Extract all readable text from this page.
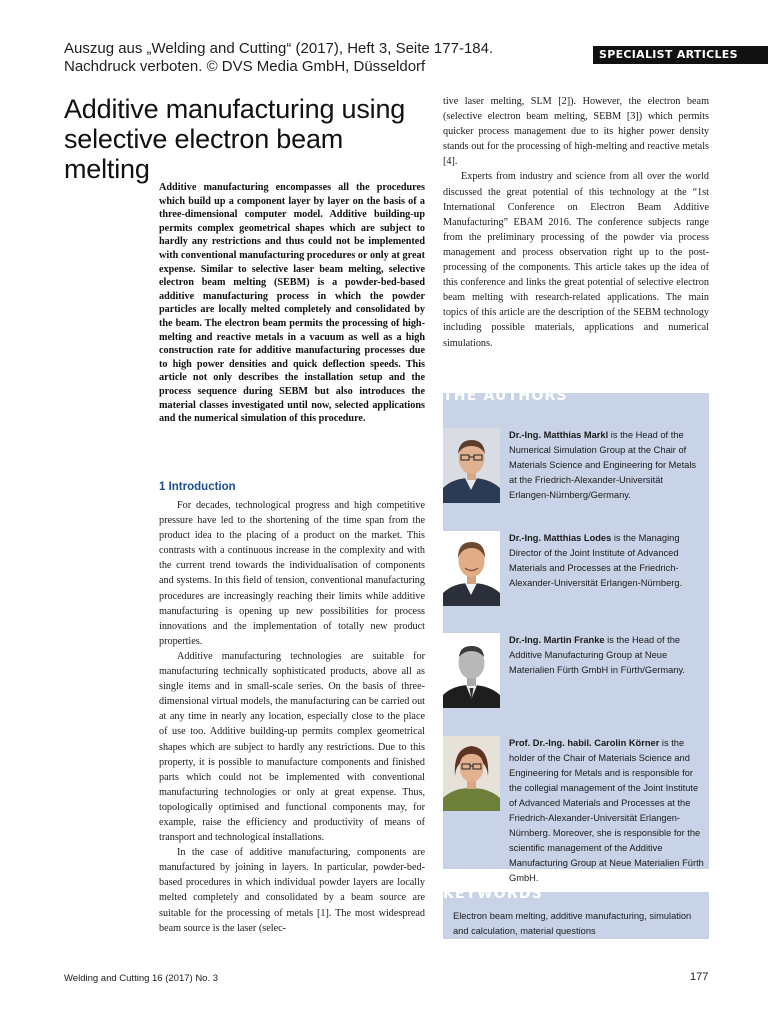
Auszug aus „Welding and Cutting“ (2017), Heft 3, Seite 177-184.
Nachdruck verboten. © DVS Media GmbH, Düsseldorf
SPECIALIST ARTICLES
Additive manufacturing using selective electron beam melting

Additive manufacturing encompasses all the procedures which build up a component layer by layer on the basis of a three-dimensional computer model. Additive building-up permits complex geometrical shapes which are subject to hardly any restrictions and thus could not be implemented with conventional manufacturing procedures or only at great expense. Similar to selective laser beam melting, selective electron beam melting (SEBM) is a powder-bed-based additive manufacturing process in which the powder particles are locally melted completely and consolidated by the beam. The electron beam permits the processing of high-melting and reactive metals in a vacuum as well as a high construction rate for additive manufacturing processes due to high power densities and quick deflection speeds. This article not only describes the installation setup and the process sequence during SEBM but also introduces the material classes investigated until now, selected applications and the numerical simulation of this procedure.

1 Introduction

For decades, technological progress and high competitive pressure have led to the shortening of the time span from the product idea to the placing of a product on the market. This contrasts with a continuous increase in the complexity and with the current trend towards the individualisation of components and systems. In this field of tension, conventional manufacturing procedures are increasingly reaching their limits while additive manufacturing is opening up new possibilities for process innovations and the implementation of totally new product properties.

Additive manufacturing technologies are suitable for manufacturing technically sophisticated products, above all as single items and in small-scale series. On the basis of three-dimensional virtual models, the manufacturing can be carried out at any time in nearly any location, especially close to the place of use too. Additive building-up permits complex geometrical shapes which are subject to hardly any restrictions. Due to this property, it is possible to manufacture components and finished parts which could not be implemented with conventional manufacturing technologies or only at great expense. Thus, topologically optimised and functional components may, for example, raise the efficiency and productivity of means of transport and technological installations.

In the case of additive manufacturing, components are manufactured by joining in layers. In particular, powder-bed-based procedures in which individual powder layers are locally melted completely and consolidated by a beam source are suitable for the processing of metals [1]. The most widespread beam source is the laser (selec-

tive laser melting, SLM [2]). However, the electron beam (selective electron beam melting, SEBM [3]) which permits quicker process management due to its higher power density stands out for the processing of high-melting and reactive metals [4].

Experts from industry and science from all over the world discussed the great potential of this technology at the “1st International Conference on Electron Beam Additive Manufacturing” EBAM 2016. The conference subjects range from the preliminary processing of the powder via process management and process observation right up to the post-processing of the components. This article takes up the idea of this conference and links the great potential of selective electron beam melting with research-related applications. The main topics of this article are the description of the SEBM technology including possible materials, applications and numerical simulations.

THE AUTHORS

Dr.-Ing. Matthias Markl is the Head of the Numerical Simulation Group at the Chair of Materials Science and Engineering for Metals at the Friedrich-Alexander-Universität Erlangen-Nürnberg/Germany.

Dr.-Ing. Matthias Lodes is the Managing Director of the Joint Institute of Advanced Materials and Processes at the Friedrich-Alexander-Universität Erlangen-Nürnberg.

Dr.-Ing. Martin Franke is the Head of the Additive Manufacturing Group at Neue Materialien Fürth GmbH in Fürth/Germany.

Prof. Dr.-Ing. habil. Carolin Körner is the holder of the Chair of Materials Science and Engineering for Metals and is responsible for the collegial management of the Joint Institute of Advanced Materials and Processes at the Friedrich-Alexander-Universität Erlangen-Nürnberg. Moreover, she is responsible for the scientific management of the Additive Manufacturing Group at Neue Materialien Fürth GmbH.

KEYWORDS

Electron beam melting, additive manufacturing, simulation and calculation, material questions

Welding and Cutting 16 (2017) No. 3	177
